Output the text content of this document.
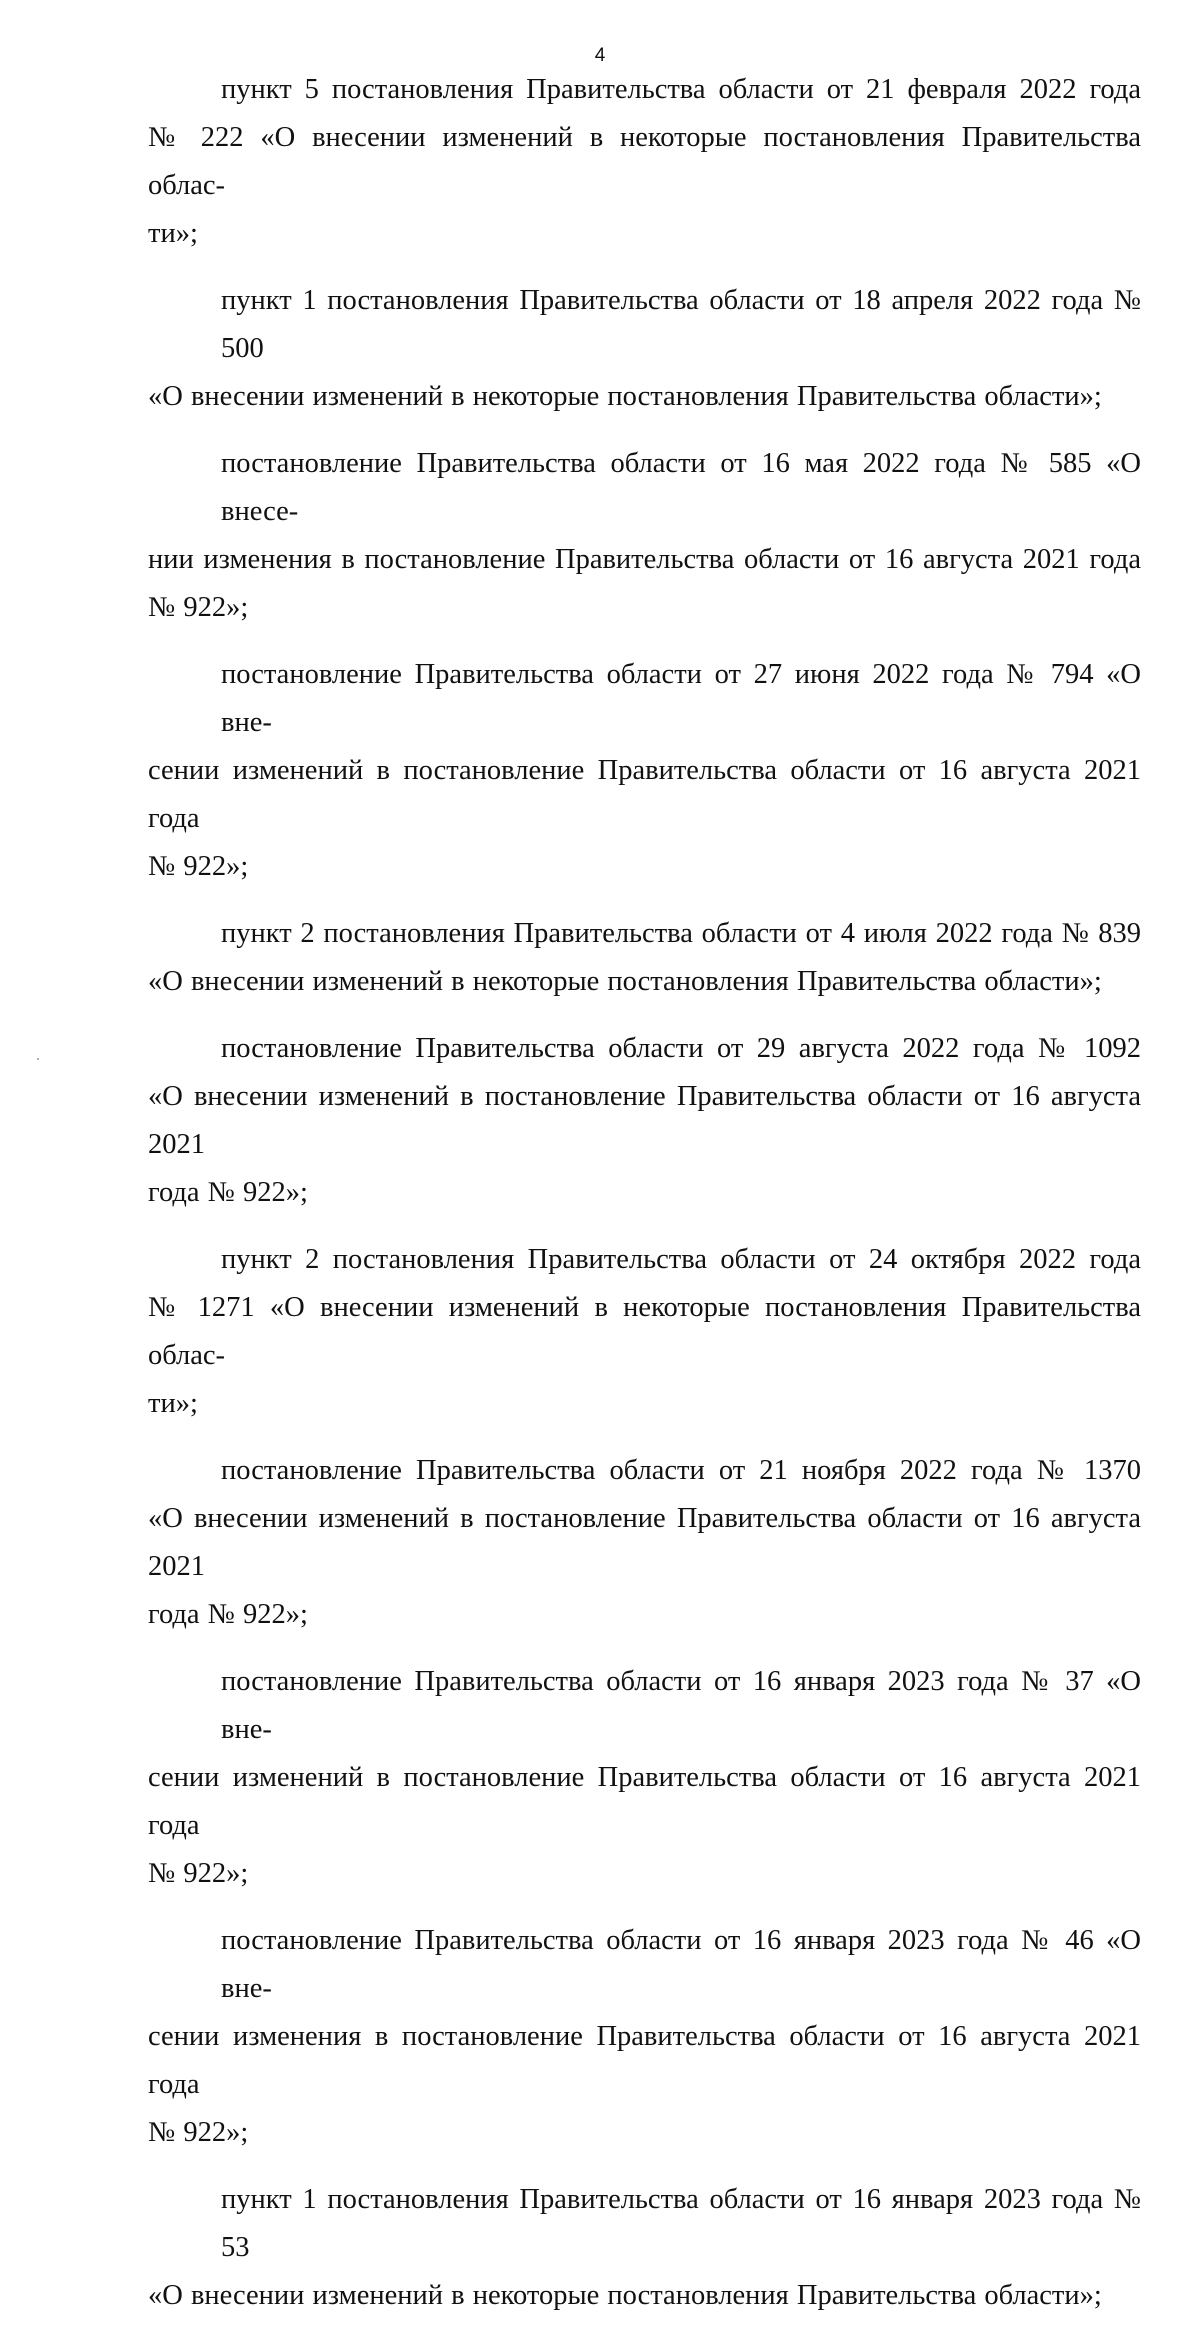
4
пункт 5 постановления Правительства области от 21 февраля 2022 года
№ 222 «О внесении изменений в некоторые постановления Правительства облас-
ти»;
пункт 1 постановления Правительства области от 18 апреля 2022 года № 500
«О внесении изменений в некоторые постановления Правительства области»;
постановление Правительства области от 16 мая 2022 года № 585 «О внесе-
нии изменения в постановление Правительства области от 16 августа 2021 года
№ 922»;
постановление Правительства области от 27 июня 2022 года № 794 «О вне-
сении изменений в постановление Правительства области от 16 августа 2021 года
№ 922»;
пункт 2 постановления Правительства области от 4 июля 2022 года № 839
«О внесении изменений в некоторые постановления Правительства области»;
постановление Правительства области от 29 августа 2022 года № 1092
«О внесении изменений в постановление Правительства области от 16 августа 2021
года № 922»;
пункт 2 постановления Правительства области от 24 октября 2022 года
№ 1271 «О внесении изменений в некоторые постановления Правительства облас-
ти»;
постановление Правительства области от 21 ноября 2022 года № 1370
«О внесении изменений в постановление Правительства области от 16 августа 2021
года № 922»;
постановление Правительства области от 16 января 2023 года № 37 «О вне-
сении изменений в постановление Правительства области от 16 августа 2021 года
№ 922»;
постановление Правительства области от 16 января 2023 года № 46 «О вне-
сении изменения в постановление Правительства области от 16 августа 2021 года
№ 922»;
пункт 1 постановления Правительства области от 16 января 2023 года № 53
«О внесении изменений в некоторые постановления Правительства области»;
